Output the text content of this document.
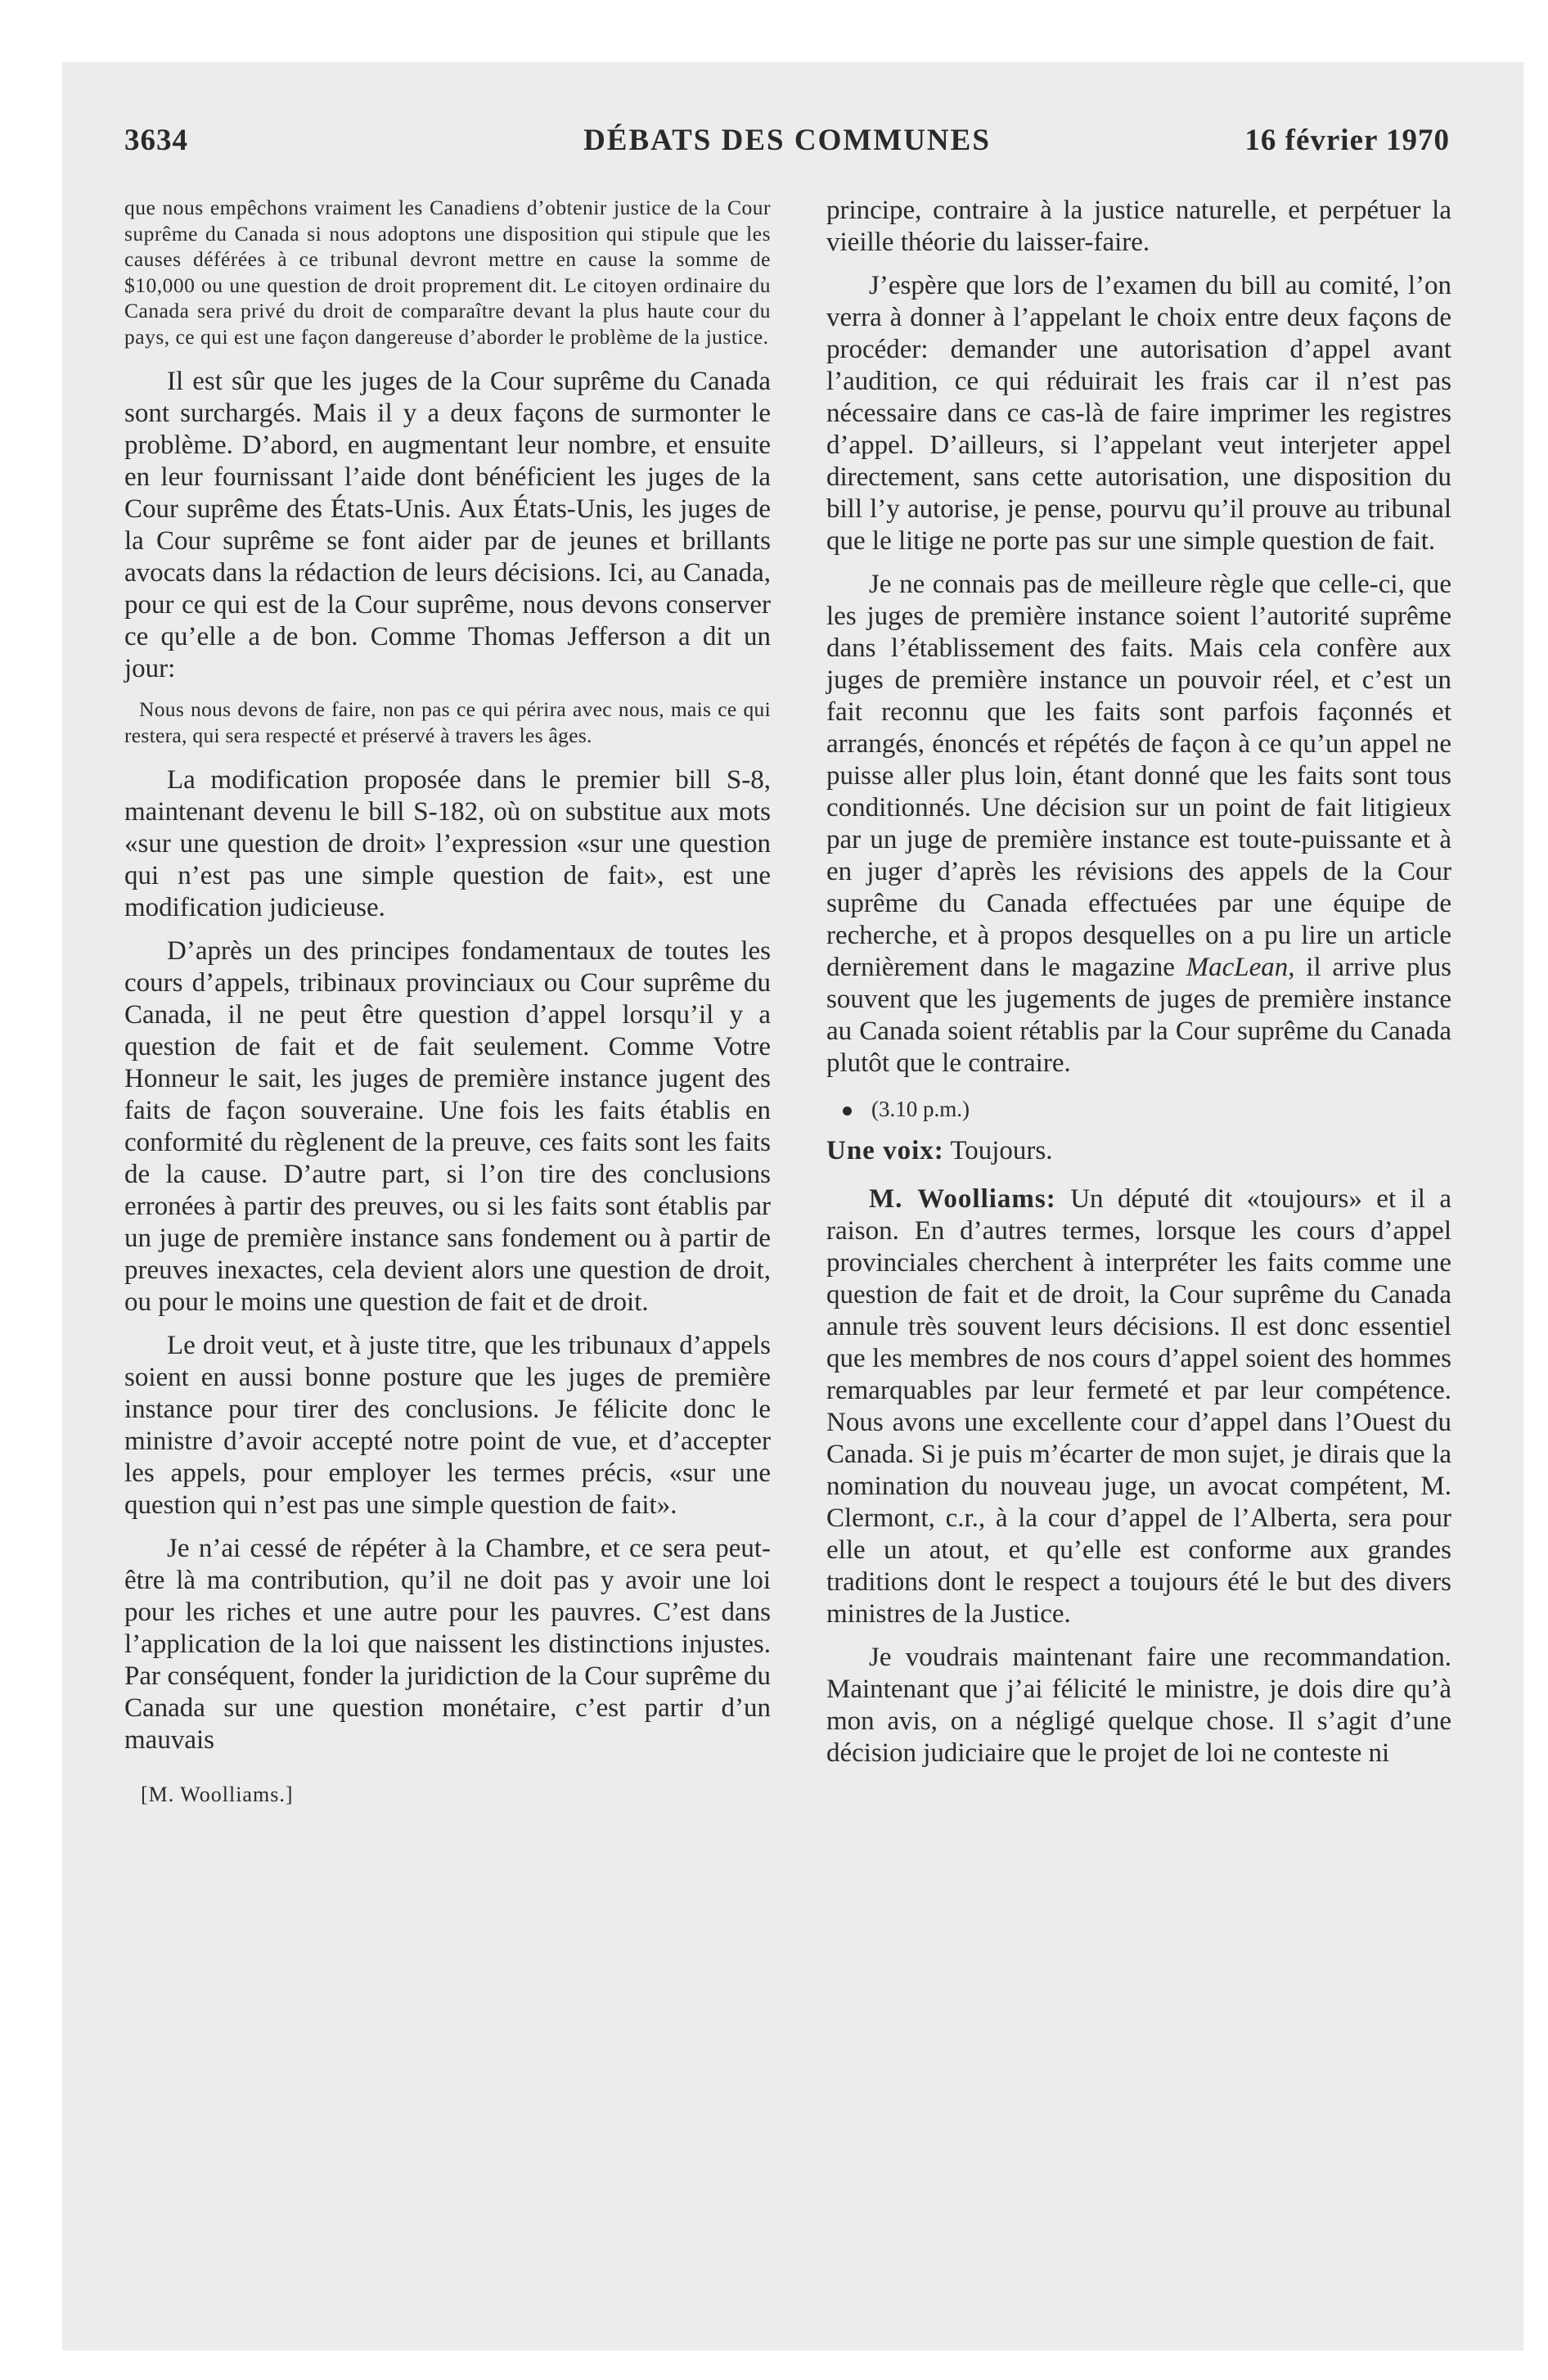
3634	DÉBATS DES COMMUNES	16 février 1970

que nous empêchons vraiment les Canadiens d’obtenir justice de la Cour suprême du Canada si nous adoptons une disposition qui stipule que les causes déférées à ce tribunal devront mettre en cause la somme de $10,000 ou une question de droit proprement dit. Le citoyen ordinaire du Canada sera privé du droit de comparaître devant la plus haute cour du pays, ce qui est une façon dangereuse d’aborder le problème de la justice.

Il est sûr que les juges de la Cour suprême du Canada sont surchargés. Mais il y a deux façons de surmonter le problème. D’abord, en augmentant leur nombre, et ensuite en leur fournissant l’aide dont bénéficient les juges de la Cour suprême des États-Unis. Aux États-Unis, les juges de la Cour suprême se font aider par de jeunes et brillants avocats dans la rédaction de leurs décisions. Ici, au Canada, pour ce qui est de la Cour suprême, nous devons conserver ce qu’elle a de bon. Comme Thomas Jefferson a dit un jour:

Nous nous devons de faire, non pas ce qui périra avec nous, mais ce qui restera, qui sera respecté et préservé à travers les âges.

La modification proposée dans le premier bill S-8, maintenant devenu le bill S-182, où on substitue aux mots «sur une question de droit» l’expression «sur une question qui n’est pas une simple question de fait», est une modification judicieuse.

D’après un des principes fondamentaux de toutes les cours d’appels, tribinaux provinciaux ou Cour suprême du Canada, il ne peut être question d’appel lorsqu’il y a question de fait et de fait seulement. Comme Votre Honneur le sait, les juges de première instance jugent des faits de façon souveraine. Une fois les faits établis en conformité du règlenent de la preuve, ces faits sont les faits de la cause. D’autre part, si l’on tire des conclusions erronées à partir des preuves, ou si les faits sont établis par un juge de première instance sans fondement ou à partir de preuves inexactes, cela devient alors une question de droit, ou pour le moins une question de fait et de droit.

Le droit veut, et à juste titre, que les tribunaux d’appels soient en aussi bonne posture que les juges de première instance pour tirer des conclusions. Je félicite donc le ministre d’avoir accepté notre point de vue, et d’accepter les appels, pour employer les termes précis, «sur une question qui n’est pas une simple question de fait».

Je n’ai cessé de répéter à la Chambre, et ce sera peut-être là ma contribution, qu’il ne doit pas y avoir une loi pour les riches et une autre pour les pauvres. C’est dans l’application de la loi que naissent les distinctions injustes. Par conséquent, fonder la juridiction de la Cour suprême du Canada sur une question monétaire, c’est partir d’un mauvais

[M. Woolliams.]

principe, contraire à la justice naturelle, et perpétuer la vieille théorie du laisser-faire.

J’espère que lors de l’examen du bill au comité, l’on verra à donner à l’appelant le choix entre deux façons de procéder: demander une autorisation d’appel avant l’audition, ce qui réduirait les frais car il n’est pas nécessaire dans ce cas-là de faire imprimer les registres d’appel. D’ailleurs, si l’appelant veut interjeter appel directement, sans cette autorisation, une disposition du bill l’y autorise, je pense, pourvu qu’il prouve au tribunal que le litige ne porte pas sur une simple question de fait.

Je ne connais pas de meilleure règle que celle-ci, que les juges de première instance soient l’autorité suprême dans l’établissement des faits. Mais cela confère aux juges de première instance un pouvoir réel, et c’est un fait reconnu que les faits sont parfois façonnés et arrangés, énoncés et répétés de façon à ce qu’un appel ne puisse aller plus loin, étant donné que les faits sont tous conditionnés. Une décision sur un point de fait litigieux par un juge de première instance est toute-puissante et à en juger d’après les révisions des appels de la Cour suprême du Canada effectuées par une équipe de recherche, et à propos desquelles on a pu lire un article dernièrement dans le magazine MacLean, il arrive plus souvent que les jugements de juges de première instance au Canada soient rétablis par la Cour suprême du Canada plutôt que le contraire.

(3.10 p.m.)

Une voix: Toujours.

M. Woolliams: Un député dit «toujours» et il a raison. En d’autres termes, lorsque les cours d’appel provinciales cherchent à interpréter les faits comme une question de fait et de droit, la Cour suprême du Canada annule très souvent leurs décisions. Il est donc essentiel que les membres de nos cours d’appel soient des hommes remarquables par leur fermeté et par leur compétence. Nous avons une excellente cour d’appel dans l’Ouest du Canada. Si je puis m’écarter de mon sujet, je dirais que la nomination du nouveau juge, un avocat compétent, M. Clermont, c.r., à la cour d’appel de l’Alberta, sera pour elle un atout, et qu’elle est conforme aux grandes traditions dont le respect a toujours été le but des divers ministres de la Justice.

Je voudrais maintenant faire une recommandation. Maintenant que j’ai félicité le ministre, je dois dire qu’à mon avis, on a négligé quelque chose. Il s’agit d’une décision judiciaire que le projet de loi ne conteste ni
